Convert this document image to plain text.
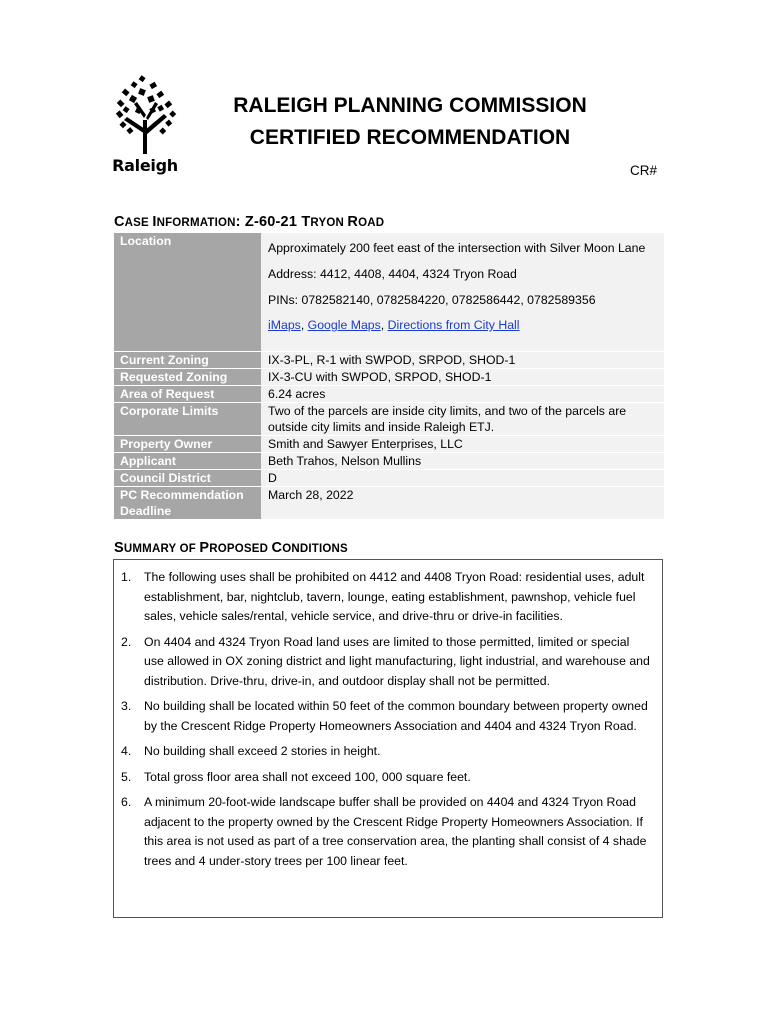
Raleigh
RALEIGH PLANNING COMMISSION
CERTIFIED RECOMMENDATION
CR#
CASE INFORMATION: Z-60-21 TRYON ROAD
Location	Approximately 200 feet east of the intersection with Silver Moon Lane

Address: 4412, 4408, 4404, 4324 Tryon Road

PINs: 0782582140, 0782584220, 0782586442, 0782589356

iMaps, Google Maps, Directions from City Hall

Current Zoning	IX-3-PL, R-1 with SWPOD, SRPOD, SHOD-1
Requested Zoning	IX-3-CU with SWPOD, SRPOD, SHOD-1
Area of Request	6.24 acres
Corporate Limits	Two of the parcels are inside city limits, and two of the parcels are outside city limits and inside Raleigh ETJ.
Property Owner	Smith and Sawyer Enterprises, LLC
Applicant	Beth Trahos, Nelson Mullins
Council District	D
PC Recommendation Deadline	March 28, 2022
SUMMARY OF PROPOSED CONDITIONS
1. The following uses shall be prohibited on 4412 and 4408 Tryon Road: residential uses, adult establishment, bar, nightclub, tavern, lounge, eating establishment, pawnshop, vehicle fuel sales, vehicle sales/rental, vehicle service, and drive-thru or drive-in facilities.
2. On 4404 and 4324 Tryon Road land uses are limited to those permitted, limited or special use allowed in OX zoning district and light manufacturing, light industrial, and warehouse and distribution. Drive-thru, drive-in, and outdoor display shall not be permitted.
3. No building shall be located within 50 feet of the common boundary between property owned by the Crescent Ridge Property Homeowners Association and 4404 and 4324 Tryon Road.
4. No building shall exceed 2 stories in height.
5. Total gross floor area shall not exceed 100, 000 square feet.
6. A minimum 20-foot-wide landscape buffer shall be provided on 4404 and 4324 Tryon Road adjacent to the property owned by the Crescent Ridge Property Homeowners Association. If this area is not used as part of a tree conservation area, the planting shall consist of 4 shade trees and 4 under-story trees per 100 linear feet.
